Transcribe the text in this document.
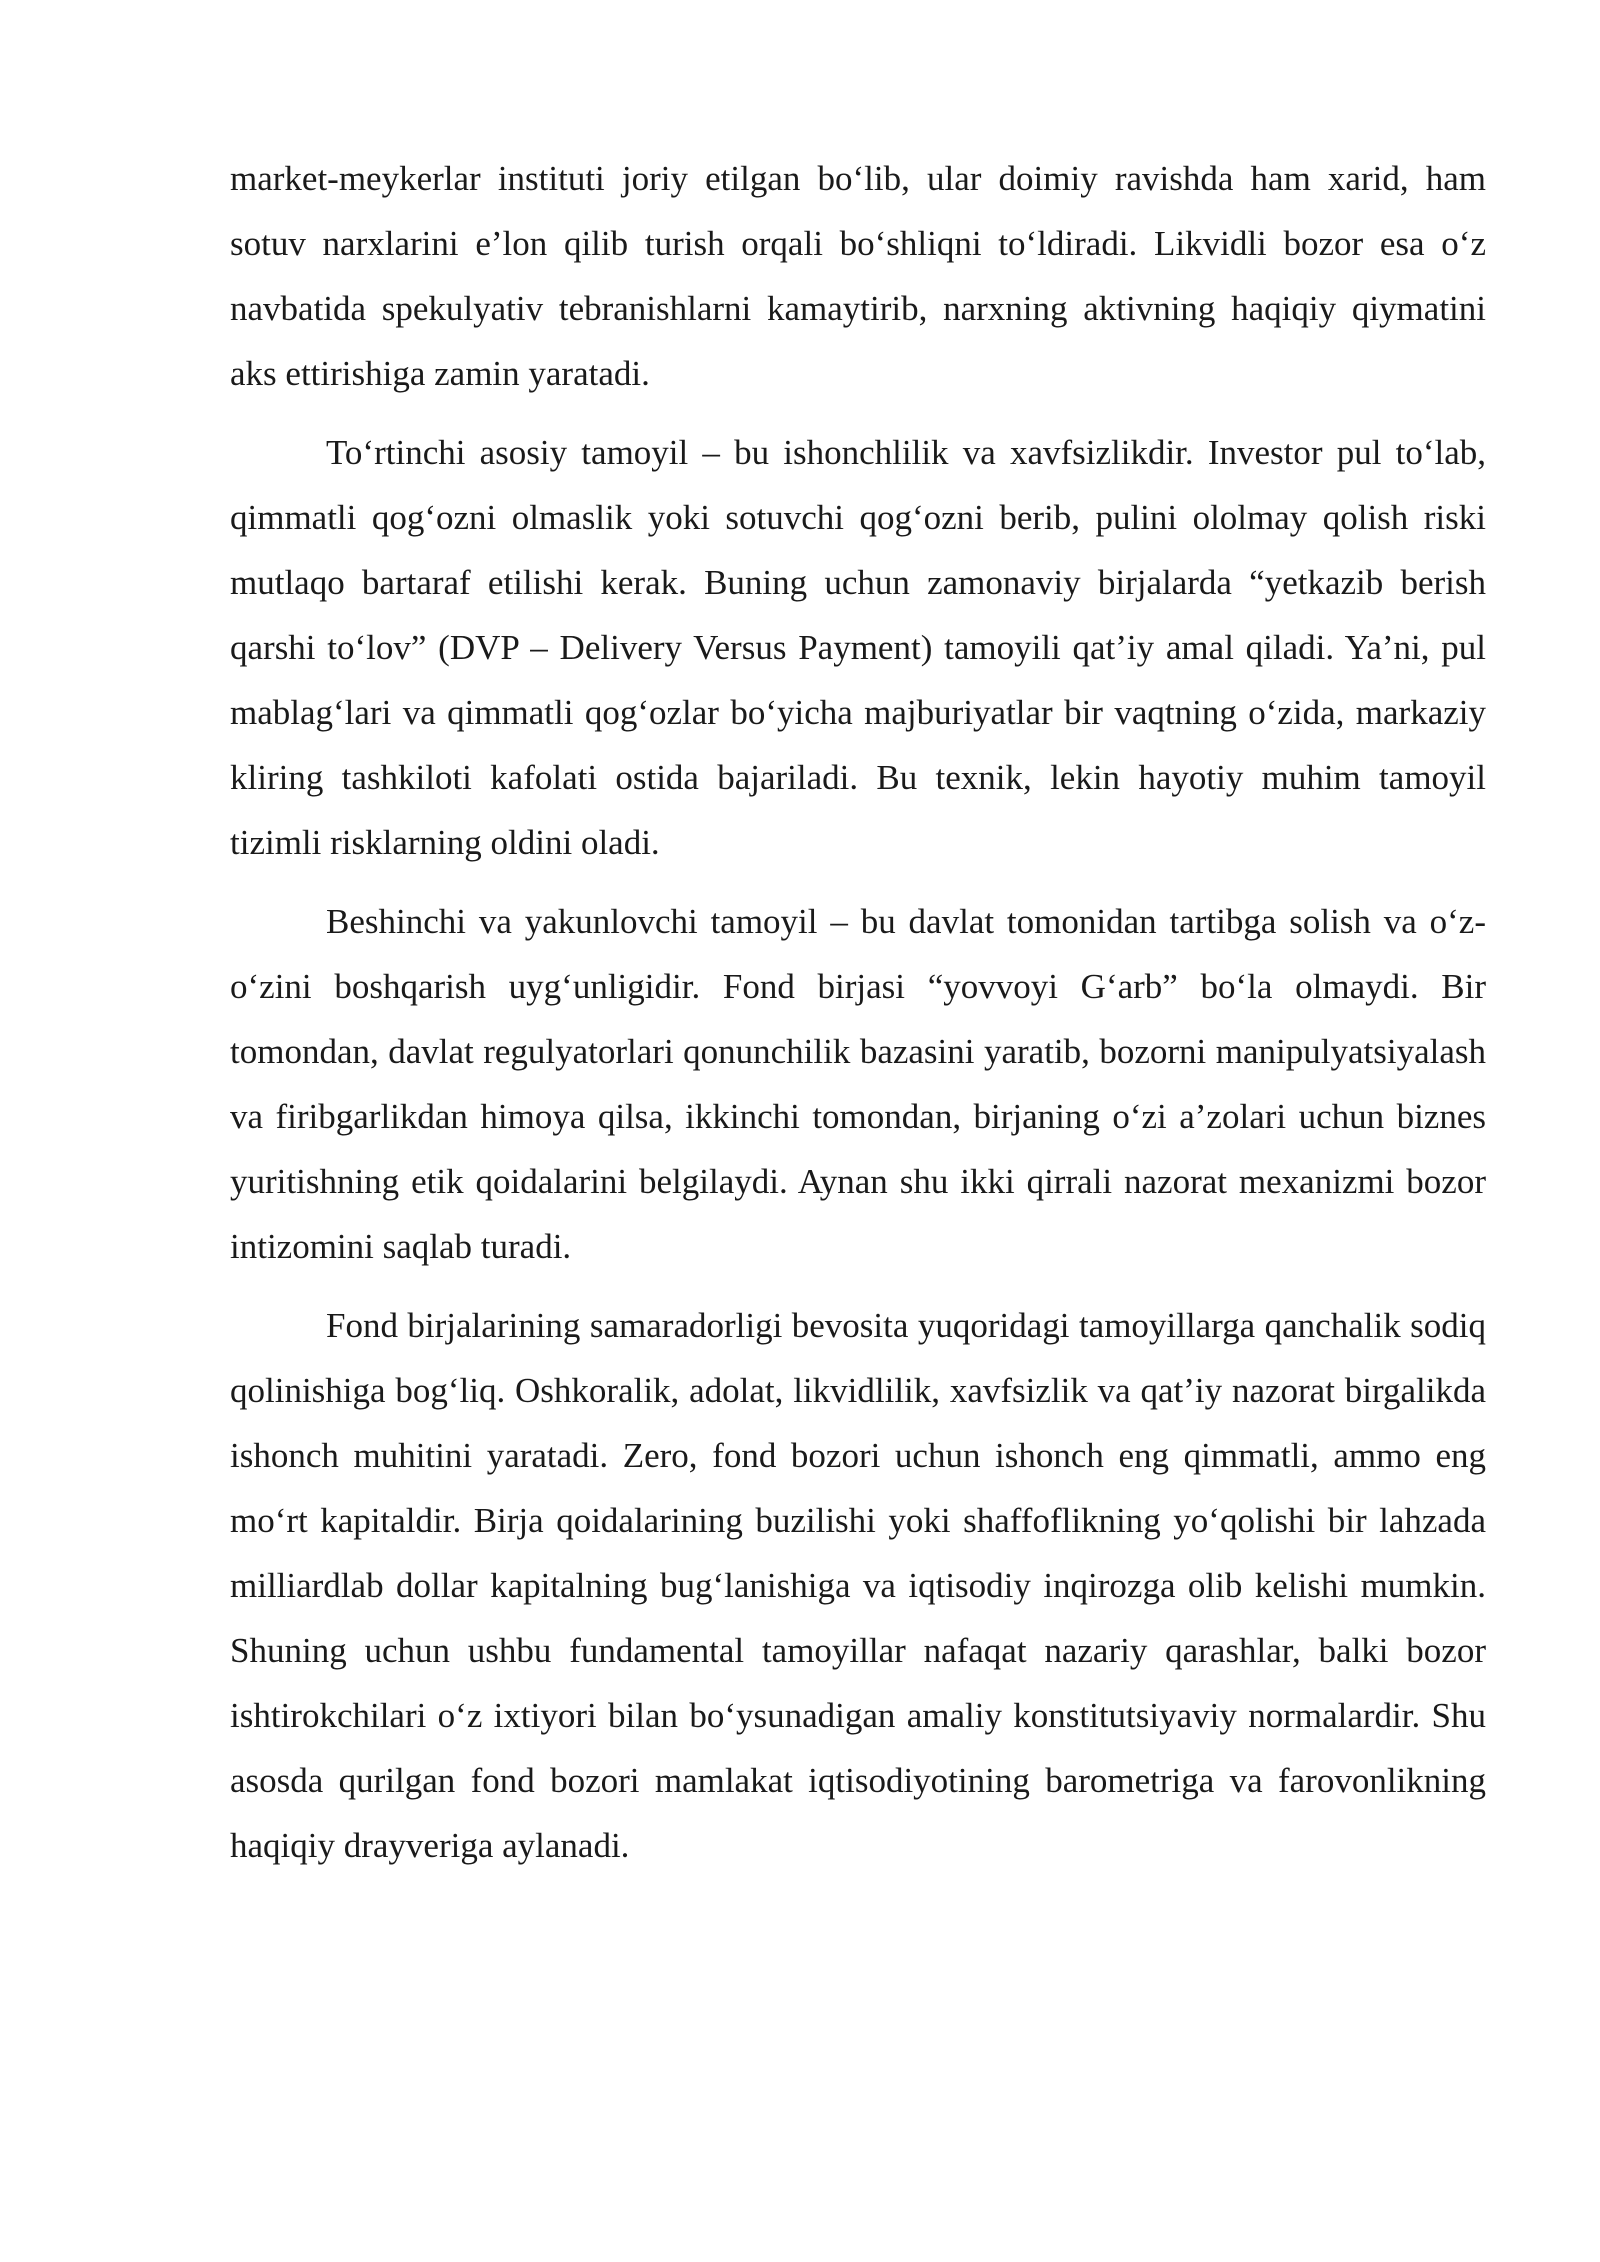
market-meykerlar instituti joriy etilgan bo‘lib, ular doimiy ravishda ham xarid, ham sotuv narxlarini e’lon qilib turish orqali bo‘shliqni to‘ldiradi. Likvidli bozor esa o‘z navbatida spekulyativ tebranishlarni kamaytirib, narxning aktivning haqiqiy qiymatini aks ettirishiga zamin yaratadi.

To‘rtinchi asosiy tamoyil – bu ishonchlilik va xavfsizlikdir. Investor pul to‘lab, qimmatli qog‘ozni olmaslik yoki sotuvchi qog‘ozni berib, pulini ololmay qolish riski mutlaqo bartaraf etilishi kerak. Buning uchun zamonaviy birjalarda “yetkazib berish qarshi to‘lov” (DVP – Delivery Versus Payment) tamoyili qat’iy amal qiladi. Ya’ni, pul mablag‘lari va qimmatli qog‘ozlar bo‘yicha majburiyatlar bir vaqtning o‘zida, markaziy kliring tashkiloti kafolati ostida bajariladi. Bu texnik, lekin hayotiy muhim tamoyil tizimli risklarning oldini oladi.

Beshinchi va yakunlovchi tamoyil – bu davlat tomonidan tartibga solish va o‘z-o‘zini boshqarish uyg‘unligidir. Fond birjasi “yovvoyi G‘arb” bo‘la olmaydi. Bir tomondan, davlat regulyatorlari qonunchilik bazasini yaratib, bozorni manipulyatsiyalash va firibgarlikdan himoya qilsa, ikkinchi tomondan, birjaning o‘zi a’zolari uchun biznes yuritishning etik qoidalarini belgilaydi. Aynan shu ikki qirrali nazorat mexanizmi bozor intizomini saqlab turadi.

Fond birjalarining samaradorligi bevosita yuqoridagi tamoyillarga qanchalik sodiq qolinishiga bog‘liq. Oshkoralik, adolat, likvidlilik, xavfsizlik va qat’iy nazorat birgalikda ishonch muhitini yaratadi. Zero, fond bozori uchun ishonch eng qimmatli, ammo eng mo‘rt kapitaldir. Birja qoidalarining buzilishi yoki shaffoflikning yo‘qolishi bir lahzada milliardlab dollar kapitalning bug‘lanishiga va iqtisodiy inqirozga olib kelishi mumkin. Shuning uchun ushbu fundamental tamoyillar nafaqat nazariy qarashlar, balki bozor ishtirokchilari o‘z ixtiyori bilan bo‘ysunadigan amaliy konstitutsiyaviy normalardir. Shu asosda qurilgan fond bozori mamlakat iqtisodiyotining barometriga va farovonlikning haqiqiy drayveriga aylanadi.
